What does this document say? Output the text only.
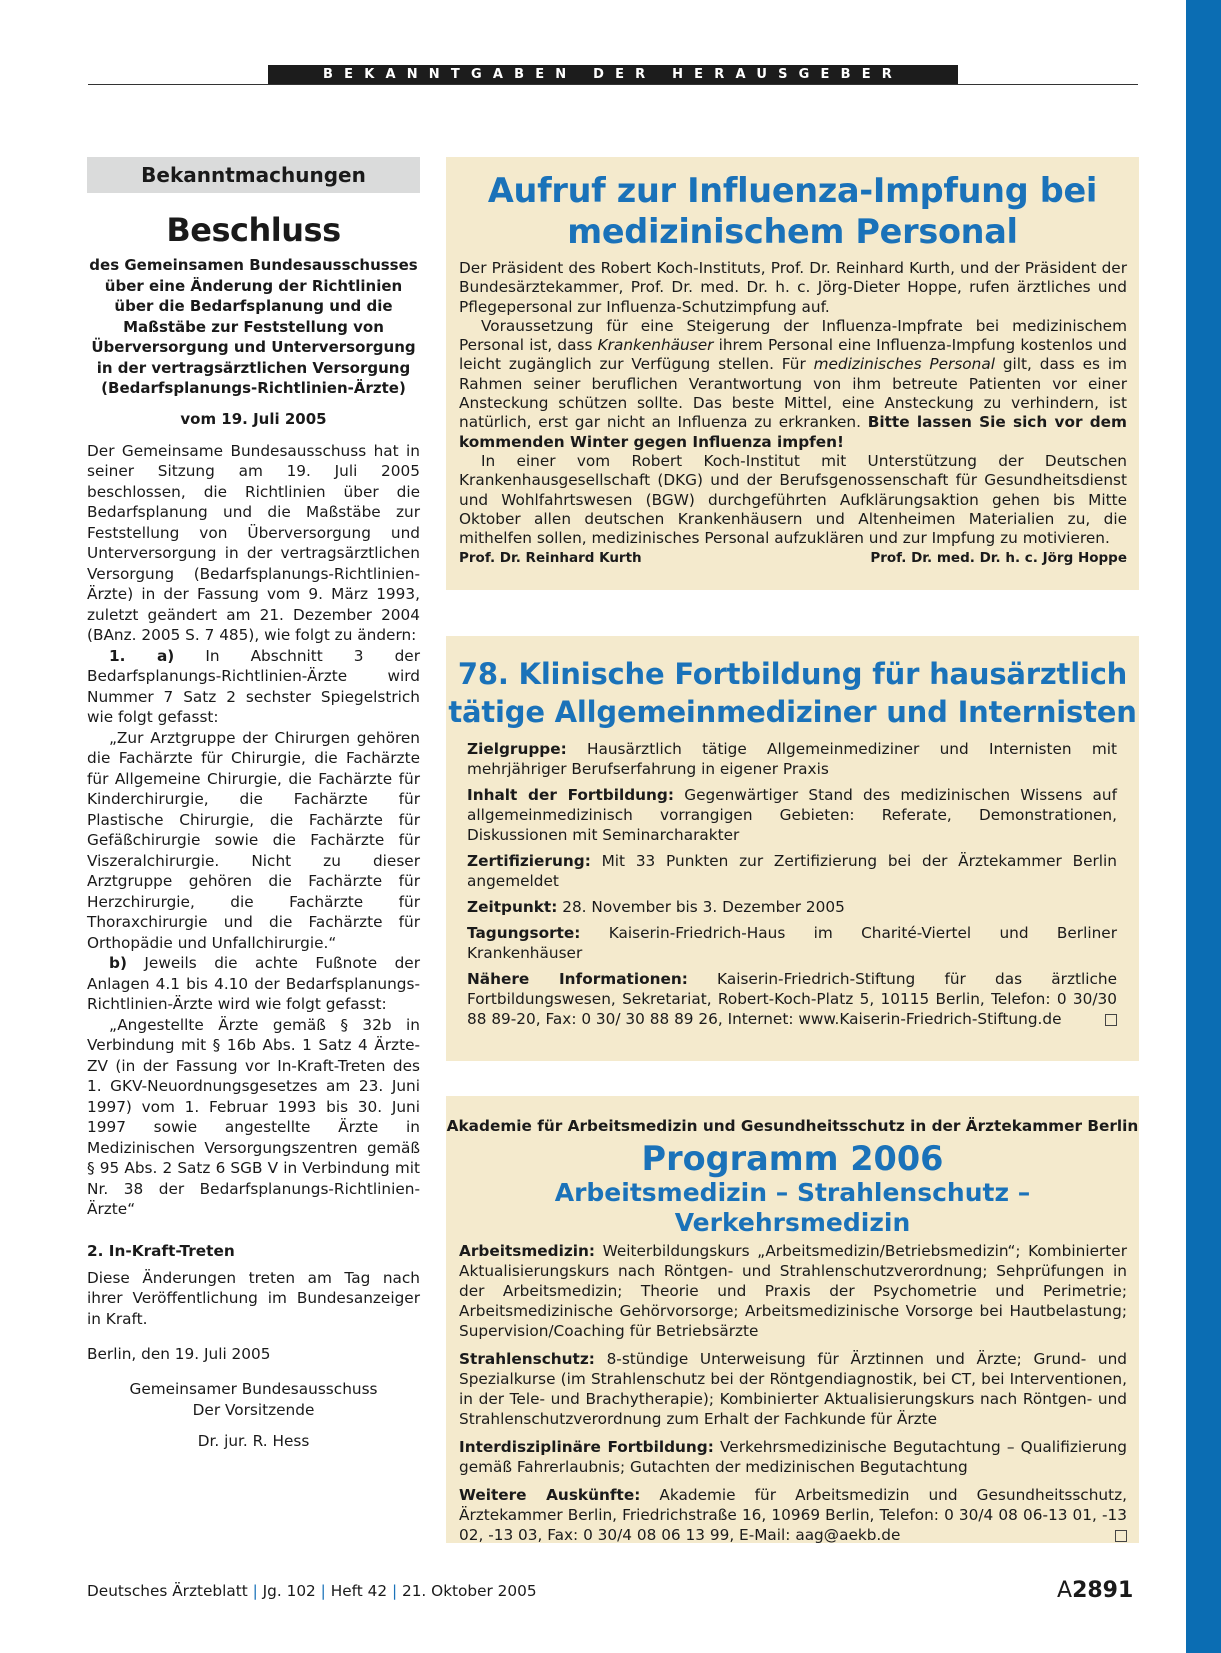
BEKANNTGABEN DER HERAUSGEBER
Bekanntmachungen
Beschluss
des Gemeinsamen Bundesausschusses über eine Änderung der Richtlinien über die Bedarfsplanung und die Maßstäbe zur Feststellung von Überversorgung und Unterversorgung in der vertragsärztlichen Versorgung (Bedarfsplanungs-Richtlinien-Ärzte)
vom 19. Juli 2005

Der Gemeinsame Bundesausschuss hat in seiner Sitzung am 19. Juli 2005 beschlossen, die Richtlinien über die Bedarfsplanung und die Maßstäbe zur Feststellung von Überversorgung und Unterversorgung in der vertragsärztlichen Versorgung (Bedarfsplanungs-Richtlinien-Ärzte) in der Fassung vom 9. März 1993, zuletzt geändert am 21. Dezember 2004 (BAnz. 2005 S. 7 485), wie folgt zu ändern:

1. a) In Abschnitt 3 der Bedarfsplanungs-Richtlinien-Ärzte wird Nummer 7 Satz 2 sechster Spiegelstrich wie folgt gefasst:

„Zur Arztgruppe der Chirurgen gehören die Fachärzte für Chirurgie, die Fachärzte für Allgemeine Chirurgie, die Fachärzte für Kinderchirurgie, die Fachärzte für Plastische Chirurgie, die Fachärzte für Gefäßchirurgie sowie die Fachärzte für Viszeralchirurgie. Nicht zu dieser Arztgruppe gehören die Fachärzte für Herzchirurgie, die Fachärzte für Thoraxchirurgie und die Fachärzte für Orthopädie und Unfallchirurgie.“

b) Jeweils die achte Fußnote der Anlagen 4.1 bis 4.10 der Bedarfsplanungs-Richtlinien-Ärzte wird wie folgt gefasst:

„Angestellte Ärzte gemäß § 32b in Verbindung mit § 16b Abs. 1 Satz 4 Ärzte-ZV (in der Fassung vor In-Kraft-Treten des 1. GKV-Neuordnungsgesetzes am 23. Juni 1997) vom 1. Februar 1993 bis 30. Juni 1997 sowie angestellte Ärzte in Medizinischen Versorgungszentren gemäß § 95 Abs. 2 Satz 6 SGB V in Verbindung mit Nr. 38 der Bedarfsplanungs-Richtlinien-Ärzte“

2. In-Kraft-Treten

Diese Änderungen treten am Tag nach ihrer Veröffentlichung im Bundesanzeiger in Kraft.

Berlin, den 19. Juli 2005
Gemeinsamer Bundesausschuss
Der Vorsitzende
Dr. jur. R. Hess
Aufruf zur Influenza-Impfung bei medizinischem Personal

Der Präsident des Robert Koch-Instituts, Prof. Dr. Reinhard Kurth, und der Präsident der Bundesärztekammer, Prof. Dr. med. Dr. h. c. Jörg-Dieter Hoppe, rufen ärztliches und Pflegepersonal zur Influenza-Schutzimpfung auf.

Voraussetzung für eine Steigerung der Influenza-Impfrate bei medizinischem Personal ist, dass Krankenhäuser ihrem Personal eine Influenza-Impfung kostenlos und leicht zugänglich zur Verfügung stellen. Für medizinisches Personal gilt, dass es im Rahmen seiner beruflichen Verantwortung von ihm betreute Patienten vor einer Ansteckung schützen sollte. Das beste Mittel, eine Ansteckung zu verhindern, ist natürlich, erst gar nicht an Influenza zu erkranken. Bitte lassen Sie sich vor dem kommenden Winter gegen Influenza impfen!

In einer vom Robert Koch-Institut mit Unterstützung der Deutschen Krankenhausgesellschaft (DKG) und der Berufsgenossenschaft für Gesundheitsdienst und Wohlfahrtswesen (BGW) durchgeführten Aufklärungsaktion gehen bis Mitte Oktober allen deutschen Krankenhäusern und Altenheimen Materialien zu, die mithelfen sollen, medizinisches Personal aufzuklären und zur Impfung zu motivieren.

Prof. Dr. Reinhard Kurth	Prof. Dr. med. Dr. h. c. Jörg Hoppe
78. Klinische Fortbildung für hausärztlich tätige Allgemeinmediziner und Internisten

Zielgruppe: Hausärztlich tätige Allgemeinmediziner und Internisten mit mehrjähriger Berufserfahrung in eigener Praxis

Inhalt der Fortbildung: Gegenwärtiger Stand des medizinischen Wissens auf allgemeinmedizinisch vorrangigen Gebieten: Referate, Demonstrationen, Diskussionen mit Seminarcharakter

Zertifizierung: Mit 33 Punkten zur Zertifizierung bei der Ärztekammer Berlin angemeldet

Zeitpunkt: 28. November bis 3. Dezember 2005

Tagungsorte: Kaiserin-Friedrich-Haus im Charité-Viertel und Berliner Krankenhäuser

Nähere Informationen: Kaiserin-Friedrich-Stiftung für das ärztliche Fortbildungswesen, Sekretariat, Robert-Koch-Platz 5, 10115 Berlin, Telefon: 0 30/30 88 89-20, Fax: 0 30/ 30 88 89 26, Internet: www.Kaiserin-Friedrich-Stiftung.de

Akademie für Arbeitsmedizin und Gesundheitsschutz in der Ärztekammer Berlin
Programm 2006
Arbeitsmedizin – Strahlenschutz – Verkehrsmedizin

Arbeitsmedizin: Weiterbildungskurs „Arbeitsmedizin/Betriebsmedizin“; Kombinierter Aktualisierungskurs nach Röntgen- und Strahlenschutzverordnung; Sehprüfungen in der Arbeitsmedizin; Theorie und Praxis der Psychometrie und Perimetrie; Arbeitsmedizinische Gehörvorsorge; Arbeitsmedizinische Vorsorge bei Hautbelastung; Supervision/Coaching für Betriebsärzte

Strahlenschutz: 8-stündige Unterweisung für Ärztinnen und Ärzte; Grund- und Spezialkurse (im Strahlenschutz bei der Röntgendiagnostik, bei CT, bei Interventionen, in der Tele- und Brachytherapie); Kombinierter Aktualisierungskurs nach Röntgen- und Strahlenschutzverordnung zum Erhalt der Fachkunde für Ärzte

Interdisziplinäre Fortbildung: Verkehrsmedizinische Begutachtung – Qualifizierung gemäß Fahrerlaubnis; Gutachten der medizinischen Begutachtung

Weitere Auskünfte: Akademie für Arbeitsmedizin und Gesundheitsschutz, Ärztekammer Berlin, Friedrichstraße 16, 10969 Berlin, Telefon: 0 30/4 08 06-13 01, -13 02, -13 03, Fax: 0 30/4 08 06 13 99, E-Mail: aag@aekb.de

Deutsches Ärzteblatt | Jg. 102 | Heft 42 | 21. Oktober 2005	A2891
